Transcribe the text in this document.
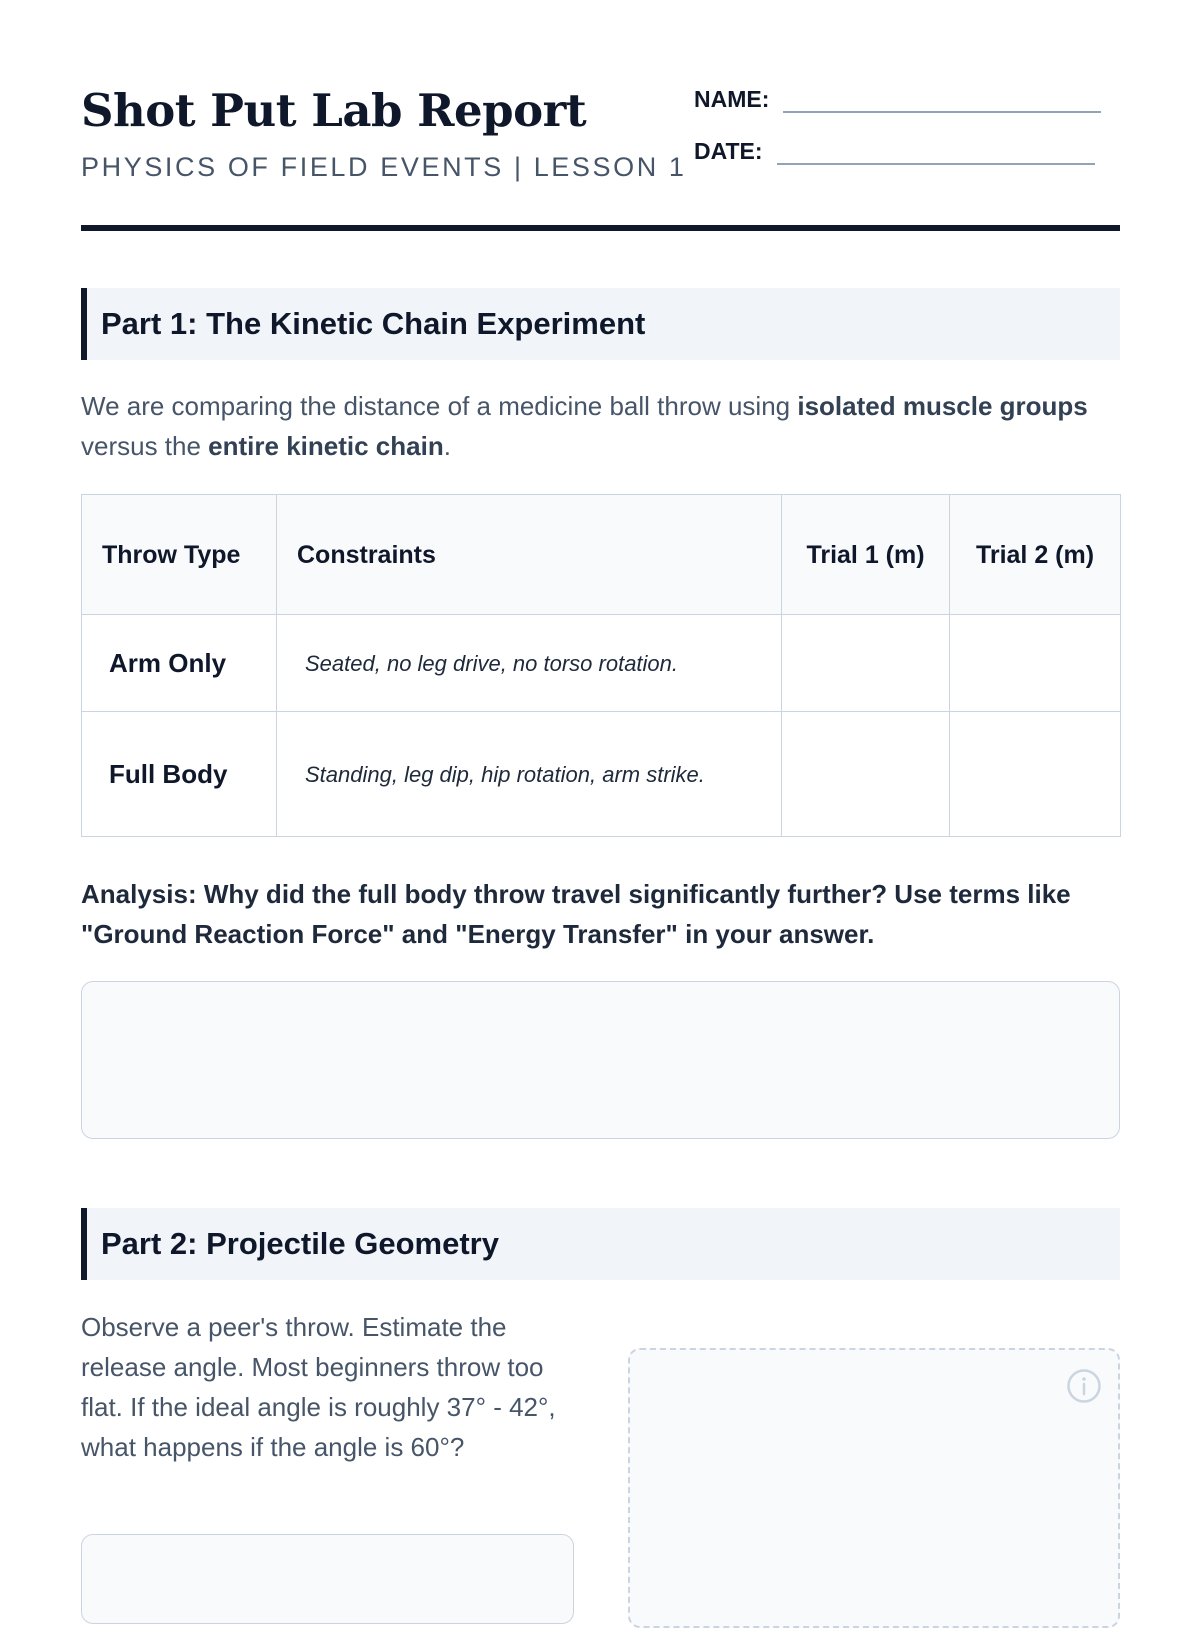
Shot Put Lab Report
PHYSICS OF FIELD EVENTS | LESSON 1
NAME:
DATE:
Part 1: The Kinetic Chain Experiment

We are comparing the distance of a medicine ball throw using isolated muscle groups versus the entire kinetic chain.

Throw Type	Constraints	Trial 1 (m)	Trial 2 (m)
Arm Only	Seated, no leg drive, no torso rotation.		
Full Body	Standing, leg dip, hip rotation, arm strike.		

Analysis: Why did the full body throw travel significantly further? Use terms like "Ground Reaction Force" and "Energy Transfer" in your answer.

Part 2: Projectile Geometry

Observe a peer's throw. Estimate the release angle. Most beginners throw too flat. If the ideal angle is roughly 37° - 42°, what happens if the angle is 60°?
